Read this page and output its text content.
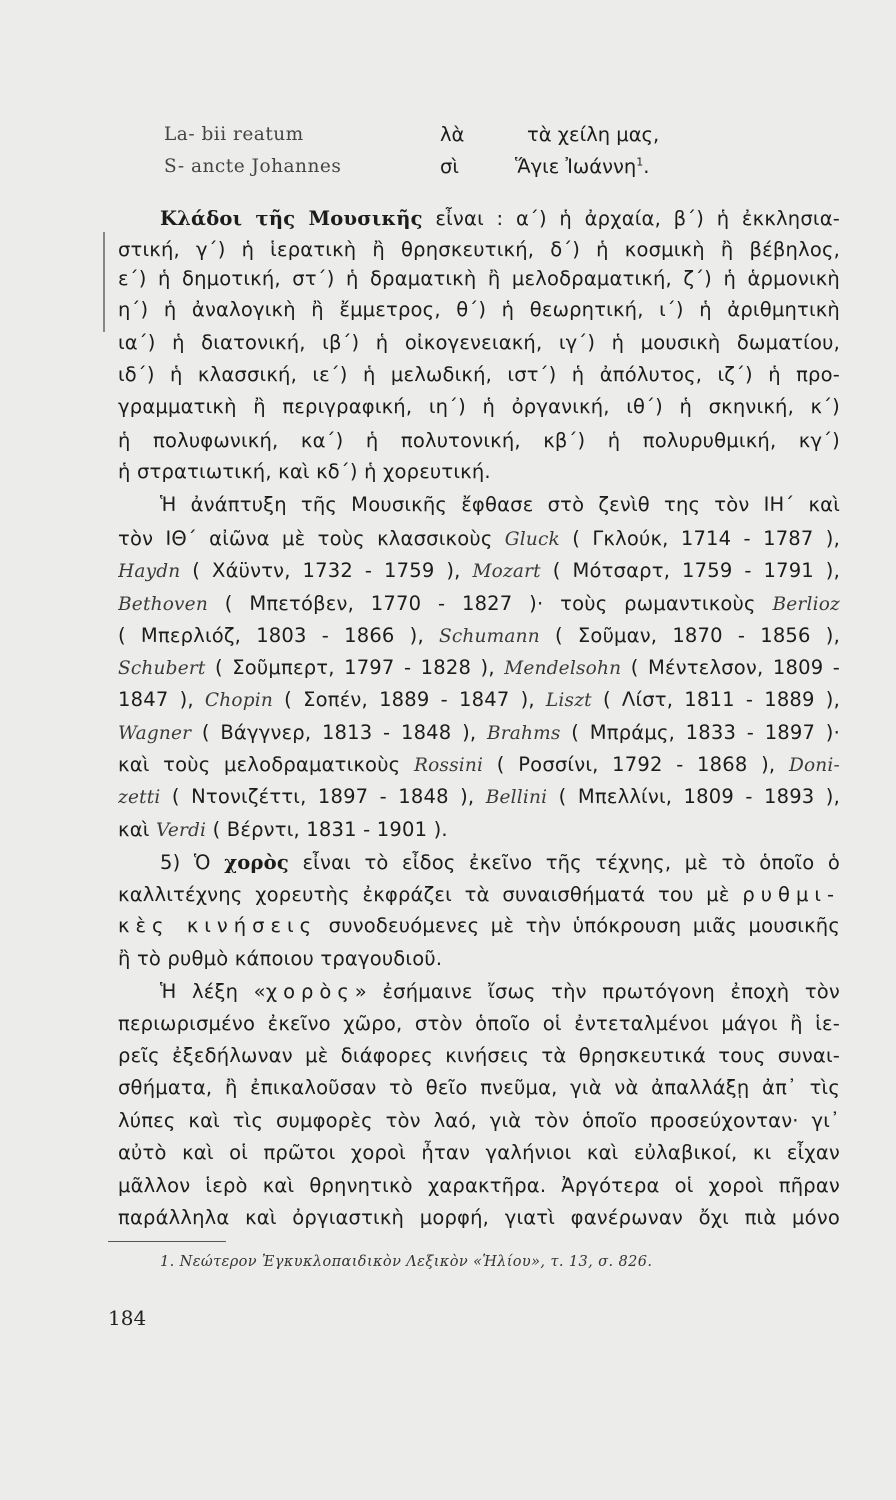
La- bii reatum	λὰ	τὰ χείλη μας,
S- ancte Johannes	σὶ	Ἅγιε Ἰωάννη$^1$.
Κλάδοι τῆς Μουσικῆς εἶναι : α΄) ἡ ἀρχαία, β΄) ἡ ἐκκλησια-
στική, γ΄) ἡ ἱερατικὴ ἢ θρησκευτική, δ΄) ἡ κοσμικὴ ἢ βέβηλος,
ε΄) ἡ δημοτική, στ΄) ἡ δραματικὴ ἢ μελοδραματική, ζ΄) ἡ ἁρμονικὴ
η΄) ἡ ἀναλογικὴ ἢ ἔμμετρος, θ΄) ἡ θεωρητική, ι΄) ἡ ἀριθμητικὴ
ια΄) ἡ διατονική, ιβ΄) ἡ οἰκογενειακή, ιγ΄) ἡ μουσικὴ δωματίου,
ιδ΄) ἡ κλασσική, ιε΄) ἡ μελωδική, ιστ΄) ἡ ἀπόλυτος, ιζ΄) ἡ προ-
γραμματικὴ ἢ περιγραφική, ιη΄) ἡ ὀργανική, ιθ΄) ἡ σκηνική, κ΄)
ἡ πολυφωνική, κα΄) ἡ πολυτονική, κβ΄) ἡ πολυρυθμική, κγ΄)
ἡ στρατιωτική, καὶ κδ΄) ἡ χορευτική.
Ἡ ἀνάπτυξη τῆς Μουσικῆς ἔφθασε στὸ ζενὶθ της τὸν ΙΗ΄ καὶ
τὸν ΙΘ΄ αἰῶνα μὲ τοὺς κλασσικοὺς Gluck ( Γκλούκ, 1714 - 1787 ),
Haydn ( Χάϋντν, 1732 - 1759 ), Mozart ( Μότσαρτ, 1759 - 1791 ),
Bethoven ( Μπετόβεν, 1770 - 1827 )· τοὺς ρωμαντικοὺς Berlioz
( Μπερλιόζ, 1803 - 1866 ), Schumann ( Σοῦμαν, 1870 - 1856 ),
Schubert ( Σοῦμπερτ, 1797 - 1828 ), Mendelsohn ( Μέντελσον, 1809 -
1847 ), Chopin ( Σοπέν, 1889 - 1847 ), Liszt ( Λίστ, 1811 - 1889 ),
Wagner ( Βάγγνερ, 1813 - 1848 ), Brahms ( Μπράμς, 1833 - 1897 )·
καὶ τοὺς μελοδραματικοὺς Rossini ( Ροσσίνι, 1792 - 1868 ), Doni-
zetti ( Ντονιζέττι, 1897 - 1848 ), Bellini ( Μπελλίνι, 1809 - 1893 ),
καὶ Verdi ( Βέρντι, 1831 - 1901 ).
5) Ὁ χορὸς εἶναι τὸ εἶδος ἐκεῖνο τῆς τέχνης, μὲ τὸ ὁποῖο ὁ
καλλιτέχνης χορευτὴς ἐκφράζει τὰ συναισθήματά του μὲ ρυθμι-
κὲς κινήσεις συνοδευόμενες μὲ τὴν ὑπόκρουση μιᾶς μουσικῆς
ἢ τὸ ρυθμὸ κάποιου τραγουδιοῦ.
Ἡ λέξη «χορὸς» ἐσήμαινε ἴσως τὴν πρωτόγονη ἐποχὴ τὸν
περιωρισμένο ἐκεῖνο χῶρο, στὸν ὁποῖο οἱ ἐντεταλμένοι μάγοι ἢ ἱε-
ρεῖς ἐξεδήλωναν μὲ διάφορες κινήσεις τὰ θρησκευτικά τους συναι-
σθήματα, ἢ ἐπικαλοῦσαν τὸ θεῖο πνεῦμα, γιὰ νὰ ἀπαλλάξῃ ἀπ᾽ τὶς
λύπες καὶ τὶς συμφορὲς τὸν λαό, γιὰ τὸν ὁποῖο προσεύχονταν· γι᾽
αὐτὸ καὶ οἱ πρῶτοι χοροὶ ἦταν γαλήνιοι καὶ εὐλαβικοί, κι εἶχαν
μᾶλλον ἱερὸ καὶ θρηνητικὸ χαρακτῆρα. Ἀργότερα οἱ χοροὶ πῆραν
παράλληλα καὶ ὀργιαστικὴ μορφή, γιατὶ φανέρωναν ὄχι πιὰ μόνο
1. Νεώτερον Ἐγκυκλοπαιδικὸν Λεξικὸν «Ἡλίου», τ. 13, σ. 826.
184
